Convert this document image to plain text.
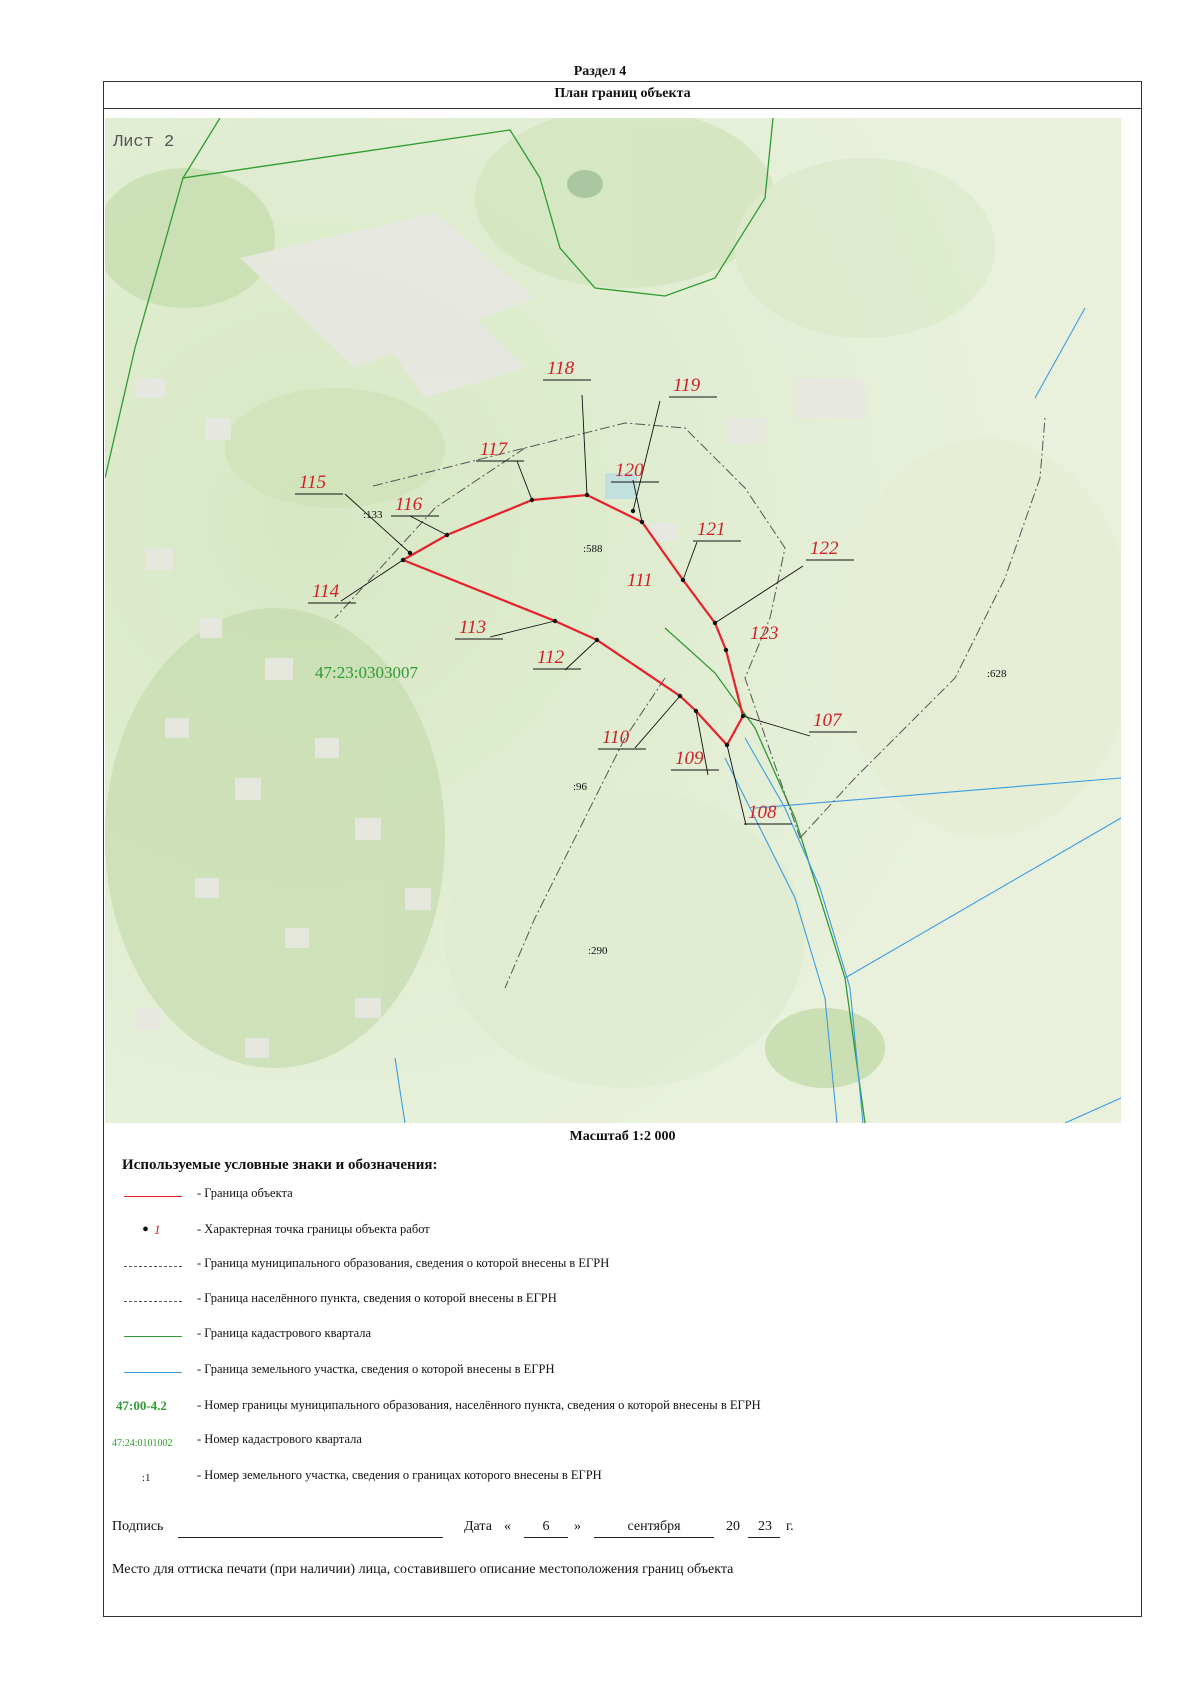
Раздел 4
План границ объекта
107
108
109
110
112
113
114
115
116
117
118
119
120
121
122
123
Лист 2
47:23:0303007
:133
:588
:628
:96
:290
111
Масштаб 1:2 000
Используемые условные знаки и обозначения:
- Граница объекта
• 1	- Характерная точка границы объекта работ
- Граница муниципального образования, сведения о которой внесены в ЕГРН
- Граница населённого пункта, сведения о которой внесены в ЕГРН
- Граница кадастрового квартала
- Граница земельного участка, сведения о которой внесены в ЕГРН
47:00-4.2	- Номер границы муниципального образования, населённого пункта, сведения о которой внесены в ЕГРН
47:24:0101002	- Номер кадастрового квартала
:1	- Номер земельного участка, сведения о границах которого внесены в ЕГРН
Подпись	Дата «	6	»	сентября	20	23	г.
Место для оттиска печати (при наличии) лица, составившего описание местоположения границ объекта
